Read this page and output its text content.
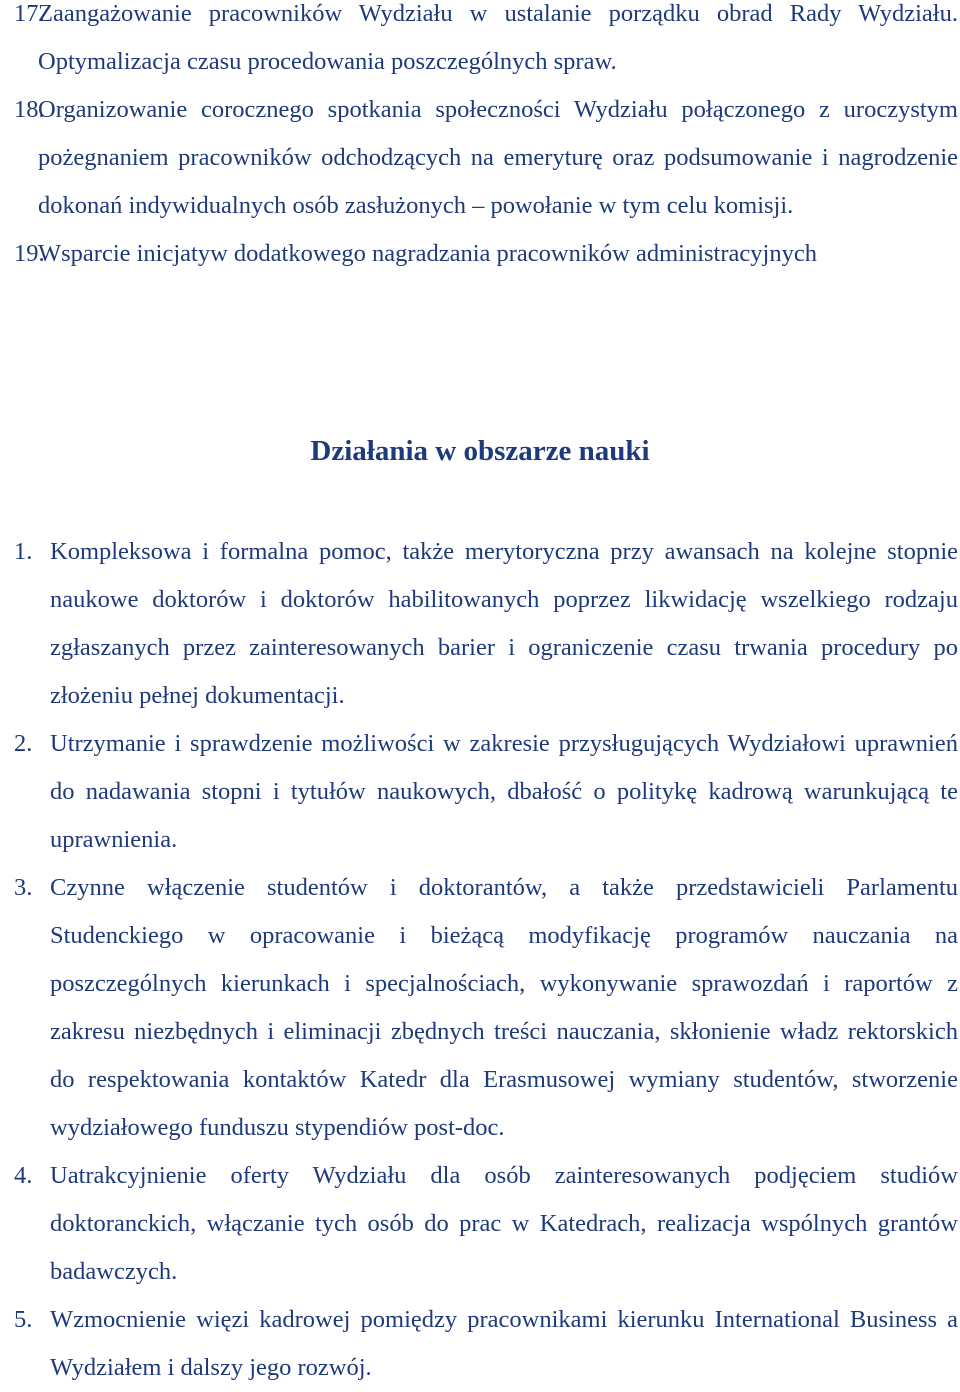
17.
Zaangażowanie pracowników Wydziału w ustalanie porządku obrad Rady Wydziału. Optymalizacja czasu procedowania poszczególnych spraw.
18.
Organizowanie corocznego spotkania społeczności Wydziału połączonego z uroczystym pożegnaniem pracowników odchodzących na emeryturę oraz podsumowanie i nagrodzenie dokonań indywidualnych osób zasłużonych – powołanie w tym celu komisji.
19.
Wsparcie inicjatyw dodatkowego nagradzania pracowników administracyjnych
Działania w obszarze nauki
1. Kompleksowa i formalna pomoc, także merytoryczna przy awansach na kolejne stopnie naukowe doktorów i doktorów habilitowanych poprzez likwidację wszelkiego rodzaju zgłaszanych przez zainteresowanych barier i ograniczenie czasu trwania procedury po złożeniu pełnej dokumentacji.
2. Utrzymanie i sprawdzenie możliwości w zakresie przysługujących Wydziałowi uprawnień do nadawania stopni i tytułów naukowych, dbałość o politykę kadrową warunkującą te uprawnienia.
3. Czynne włączenie studentów i doktorantów, a także przedstawicieli Parlamentu Studenckiego w opracowanie i bieżącą modyfikację programów nauczania na poszczególnych kierunkach i specjalnościach, wykonywanie sprawozdań i raportów z zakresu niezbędnych i eliminacji zbędnych treści nauczania, skłonienie władz rektorskich do respektowania kontaktów Katedr dla Erasmusowej wymiany studentów, stworzenie wydziałowego funduszu stypendiów post-doc.
4. Uatrakcyjnienie oferty Wydziału dla osób zainteresowanych podjęciem studiów doktoranckich, włączanie tych osób do prac w Katedrach, realizacja wspólnych grantów badawczych.
5. Wzmocnienie więzi kadrowej pomiędzy pracownikami kierunku International Business a Wydziałem i dalszy jego rozwój.
